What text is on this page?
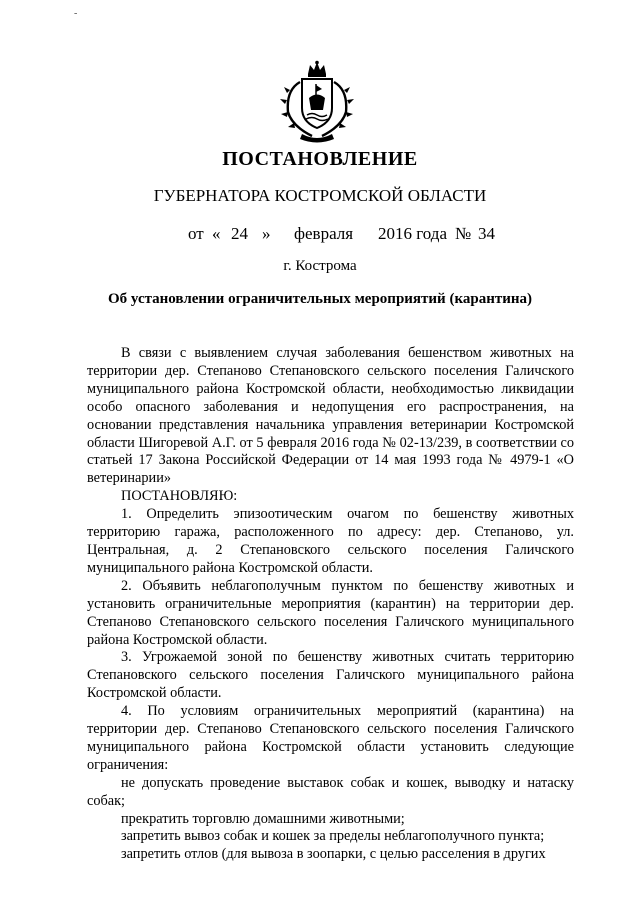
-
ПОСТАНОВЛЕНИЕ
ГУБЕРНАТОРА КОСТРОМСКОЙ ОБЛАСТИ
от « 24 » февраля 2016 года № 34
г. Кострома
Об установлении ограничительных мероприятий (карантина)

В связи с выявлением случая заболевания бешенством животных на территории дер. Степаново Степановского сельского поселения Галичского муниципального района Костромской области, необходимостью ликвидации особо опасного заболевания и недопущения его распространения, на основании представления начальника управления ветеринарии Костромской области Шигоревой А.Г. от 5 февраля 2016 года № 02-13/239, в соответствии со статьей 17 Закона Российской Федерации от 14 мая 1993 года № 4979-1 «О ветеринарии»

ПОСТАНОВЛЯЮ:

1. Определить эпизоотическим очагом по бешенству животных территорию гаража, расположенного по адресу: дер. Степаново, ул. Центральная, д. 2 Степановского сельского поселения Галичского муниципального района Костромской области.

2. Объявить неблагополучным пунктом по бешенству животных и установить ограничительные мероприятия (карантин) на территории дер. Степаново Степановского сельского поселения Галичского муниципального района Костромской области.

3. Угрожаемой зоной по бешенству животных считать территорию Степановского сельского поселения Галичского муниципального района Костромской области.

4. По условиям ограничительных мероприятий (карантина) на территории дер. Степаново Степановского сельского поселения Галичского муниципального района Костромской области установить следующие ограничения:

не допускать проведение выставок собак и кошек, выводку и натаску собак;

прекратить торговлю домашними животными;

запретить вывоз собак и кошек за пределы неблагополучного пункта;

запретить отлов (для вывоза в зоопарки, с целью расселения в других
